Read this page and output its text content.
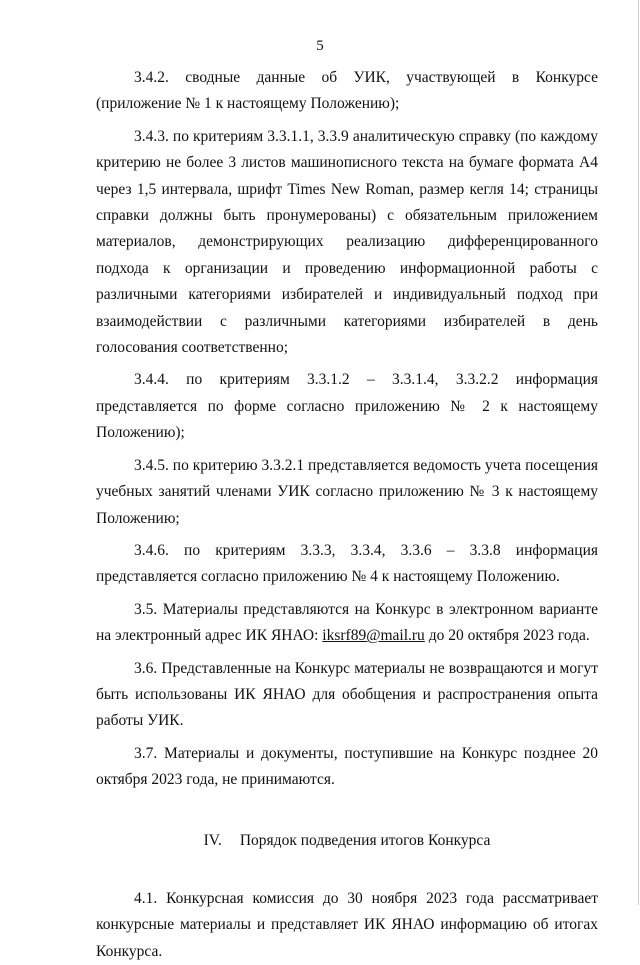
5

3.4.2. сводные данные об УИК, участвующей в Конкурсе (приложение № 1 к настоящему Положению);

3.4.3. по критериям 3.3.1.1, 3.3.9 аналитическую справку (по каждому критерию не более 3 листов машинописного текста на бумаге формата А4 через 1,5 интервала, шрифт Times New Roman, размер кегля 14; страницы справки должны быть пронумерованы) с обязательным приложением материалов, демонстрирующих реализацию дифференцированного подхода к организации и проведению информационной работы с различными категориями избирателей и индивидуальный подход при взаимодействии с различными категориями избирателей в день голосования соответственно;

3.4.4. по критериям 3.3.1.2 – 3.3.1.4, 3.3.2.2 информация представляется по форме согласно приложению № 2 к настоящему Положению);

3.4.5. по критерию 3.3.2.1 представляется ведомость учета посещения учебных занятий членами УИК согласно приложению № 3 к настоящему Положению;

3.4.6. по критериям 3.3.3, 3.3.4, 3.3.6 – 3.3.8 информация представляется согласно приложению № 4 к настоящему Положению.

3.5. Материалы представляются на Конкурс в электронном варианте на электронный адрес ИК ЯНАО: iksrf89@mail.ru до 20 октября 2023 года.

3.6. Представленные на Конкурс материалы не возвращаются и могут быть использованы ИК ЯНАО для обобщения и распространения опыта работы УИК.

3.7. Материалы и документы, поступившие на Конкурс позднее 20 октября 2023 года, не принимаются.

IV. Порядок подведения итогов Конкурса

4.1. Конкурсная комиссия до 30 ноября 2023 года рассматривает конкурсные материалы и представляет ИК ЯНАО информацию об итогах Конкурса.
